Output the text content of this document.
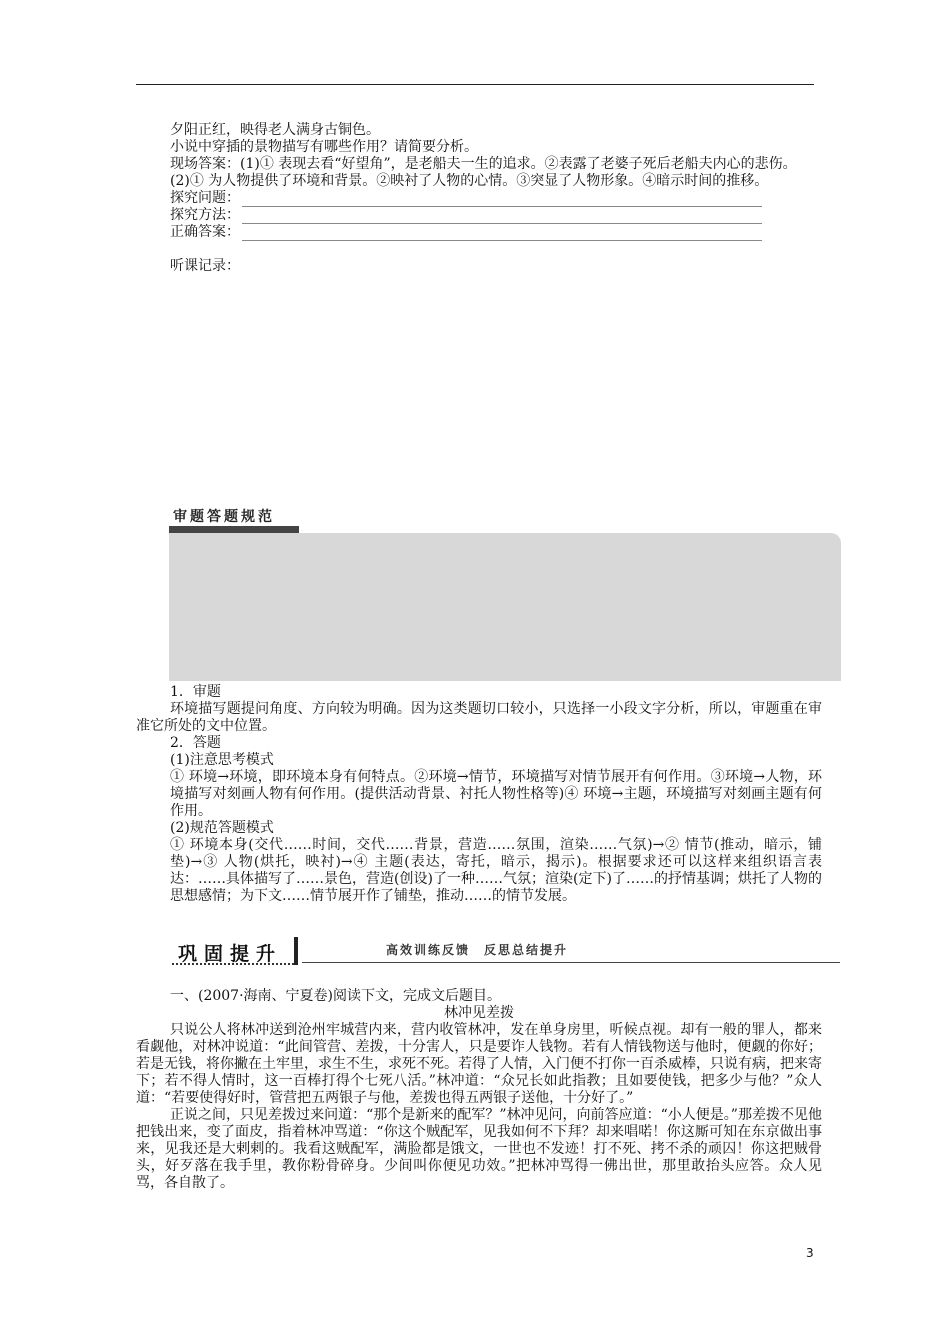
夕阳正红，映得老人满身古铜色。

小说中穿插的景物描写有哪些作用？请简要分析。

现场答案：(1)① 表现去看“好望角”，是老船夫一生的追求。②表露了老婆子死后老船夫内心的悲伤。

(2)① 为人物提供了环境和背景。②映衬了人物的心情。③突显了人物形象。④暗示时间的推移。

探究问题：
探究方法：
正确答案：

听课记录：

审题答题规范

1．审题

环境描写题提问角度、方向较为明确。因为这类题切口较小，只选择一小段文字分析，所以，审题重在审准它所处的文中位置。

2．答题

(1)注意思考模式

① 环境→环境，即环境本身有何特点。②环境→情节，环境描写对情节展开有何作用。③环境→人物，环境描写对刻画人物有何作用。(提供活动背景、衬托人物性格等)④ 环境→主题，环境描写对刻画主题有何作用。

(2)规范答题模式

① 环境本身(交代……时间，交代……背景，营造……氛围，渲染……气氛)→② 情节(推动，暗示，铺垫)→③ 人物(烘托，映衬)→④ 主题(表达，寄托，暗示，揭示)。根据要求还可以这样来组织语言表达：……具体描写了……景色，营造(创设)了一种……气氛；渲染(定下)了……的抒情基调；烘托了人物的思想感情；为下文……情节展开作了铺垫，推动……的情节发展。

巩固提升	高效训练反馈　反思总结提升

一、(2007·海南、宁夏卷)阅读下文，完成文后题目。

林冲见差拨

只说公人将林冲送到沧州牢城营内来，营内收管林冲，发在单身房里，听候点视。却有一般的罪人，都来看觑他，对林冲说道：“此间管营、差拨，十分害人，只是要诈人钱物。若有人情钱物送与他时，便觑的你好；若是无钱，将你撇在土牢里，求生不生，求死不死。若得了人情，入门便不打你一百杀威棒，只说有病，把来寄下；若不得人情时，这一百棒打得个七死八活。”林冲道：“众兄长如此指教；且如要使钱，把多少与他？”众人道：“若要使得好时，管营把五两银子与他，差拨也得五两银子送他，十分好了。”

正说之间，只见差拨过来问道：“那个是新来的配军？”林冲见问，向前答应道：“小人便是。”那差拨不见他把钱出来，变了面皮，指着林冲骂道：“你这个贼配军，见我如何不下拜？却来唱喏！你这厮可知在东京做出事来，见我还是大剌剌的。我看这贼配军，满脸都是饿文，一世也不发迹！打不死、拷不杀的顽囚！你这把贼骨头，好歹落在我手里，教你粉骨碎身。少间叫你便见功效。”把林冲骂得一佛出世，那里敢抬头应答。众人见骂，各自散了。

3
